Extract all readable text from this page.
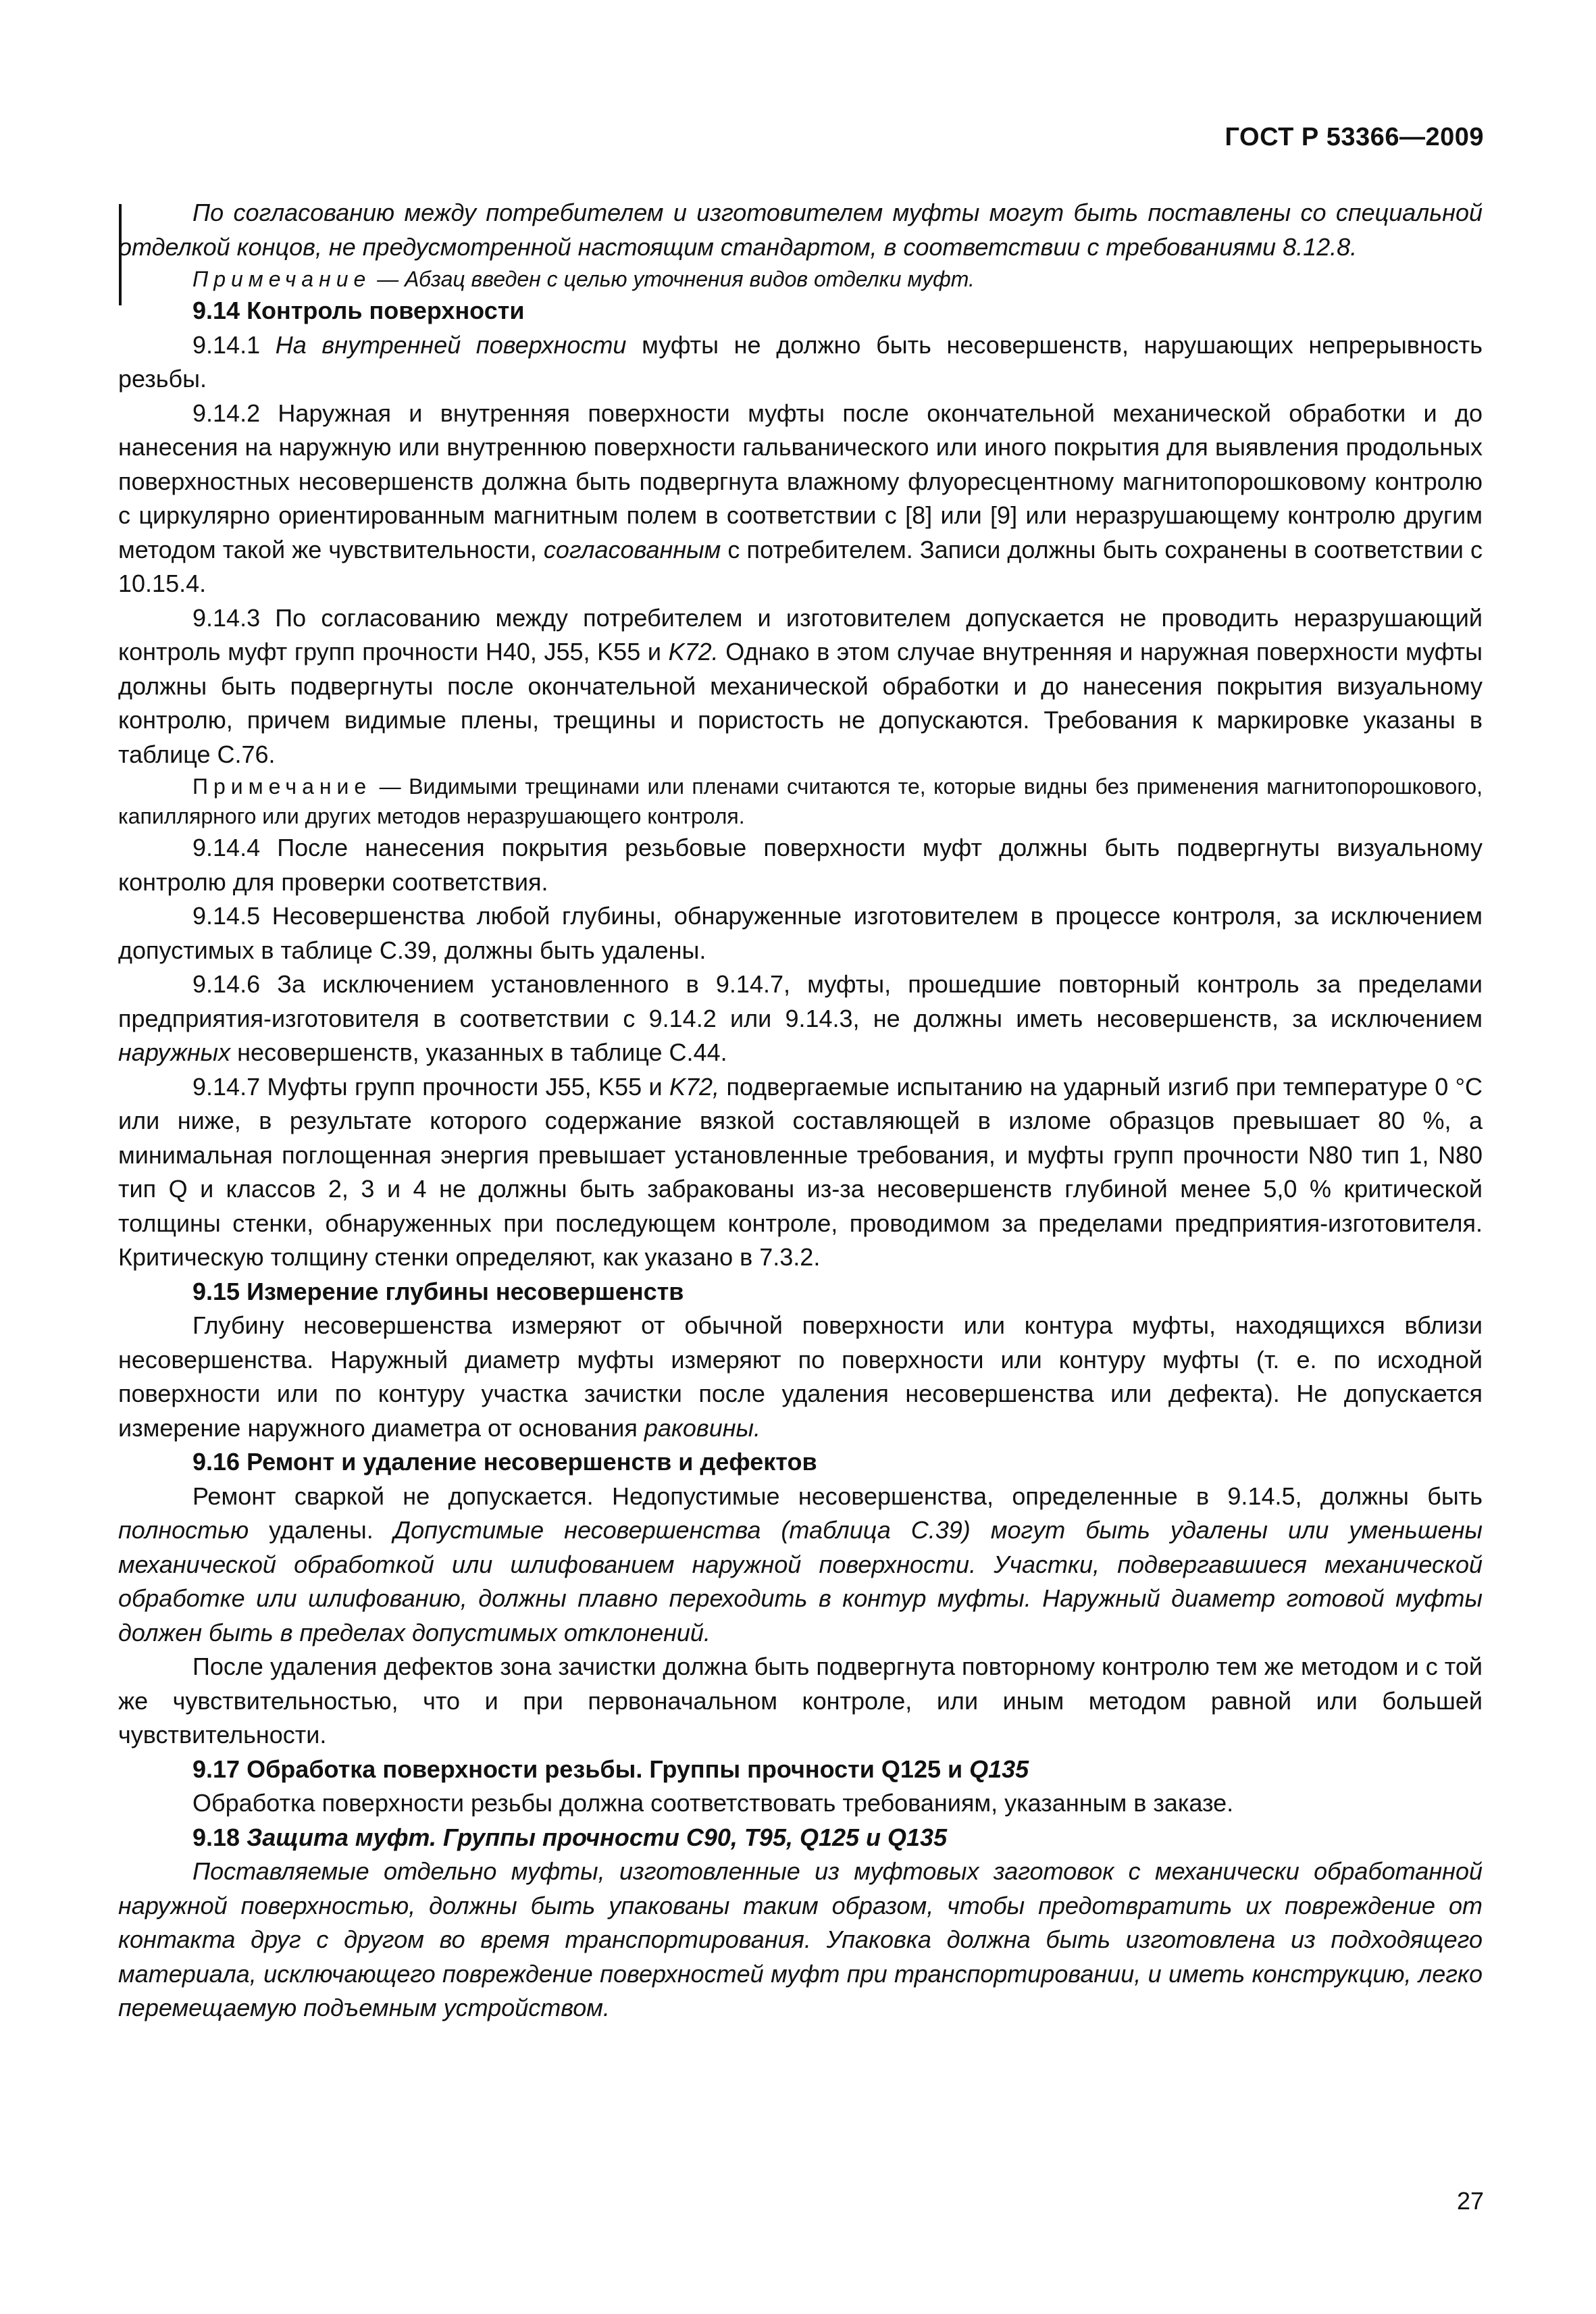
ГОСТ Р 53366—2009

По согласованию между потребителем и изготовителем муфты могут быть поставлены со специальной отделкой концов, не предусмотренной настоящим стандартом, в соответствии с требованиями 8.12.8.

Примечание — Абзац введен с целью уточнения видов отделки муфт.

9.14 Контроль поверхности

9.14.1 На внутренней поверхности муфты не должно быть несовершенств, нарушающих непрерывность резьбы.

9.14.2 Наружная и внутренняя поверхности муфты после окончательной механической обработки и до нанесения на наружную или внутреннюю поверхности гальванического или иного покрытия для выявления продольных поверхностных несовершенств должна быть подвергнута влажному флуоресцентному магнитопорошковому контролю с циркулярно ориентированным магнитным полем в соответствии с [8] или [9] или неразрушающему контролю другим методом такой же чувствительности, согласованным с потребителем. Записи должны быть сохранены в соответствии с 10.15.4.

9.14.3 По согласованию между потребителем и изготовителем допускается не проводить неразрушающий контроль муфт групп прочности Н40, J55, K55 и K72. Однако в этом случае внутренняя и наружная поверхности муфты должны быть подвергнуты после окончательной механической обработки и до нанесения покрытия визуальному контролю, причем видимые плены, трещины и пористость не допускаются. Требования к маркировке указаны в таблице С.76.

Примечание — Видимыми трещинами или пленами считаются те, которые видны без применения магнитопорошкового, капиллярного или других методов неразрушающего контроля.

9.14.4 После нанесения покрытия резьбовые поверхности муфт должны быть подвергнуты визуальному контролю для проверки соответствия.

9.14.5 Несовершенства любой глубины, обнаруженные изготовителем в процессе контроля, за исключением допустимых в таблице С.39, должны быть удалены.

9.14.6 За исключением установленного в 9.14.7, муфты, прошедшие повторный контроль за пределами предприятия-изготовителя в соответствии с 9.14.2 или 9.14.3, не должны иметь несовершенств, за исключением наружных несовершенств, указанных в таблице С.44.

9.14.7 Муфты групп прочности J55, K55 и K72, подвергаемые испытанию на ударный изгиб при температуре 0 °С или ниже, в результате которого содержание вязкой составляющей в изломе образцов превышает 80 %, а минимальная поглощенная энергия превышает установленные требования, и муфты групп прочности N80 тип 1, N80 тип Q и классов 2, 3 и 4 не должны быть забракованы из-за несовершенств глубиной менее 5,0 % критической толщины стенки, обнаруженных при последующем контроле, проводимом за пределами предприятия-изготовителя. Критическую толщину стенки определяют, как указано в 7.3.2.

9.15 Измерение глубины несовершенств

Глубину несовершенства измеряют от обычной поверхности или контура муфты, находящихся вблизи несовершенства. Наружный диаметр муфты измеряют по поверхности или контуру муфты (т. е. по исходной поверхности или по контуру участка зачистки после удаления несовершенства или дефекта). Не допускается измерение наружного диаметра от основания раковины.

9.16 Ремонт и удаление несовершенств и дефектов

Ремонт сваркой не допускается. Недопустимые несовершенства, определенные в 9.14.5, должны быть полностью удалены. Допустимые несовершенства (таблица С.39) могут быть удалены или уменьшены механической обработкой или шлифованием наружной поверхности. Участки, подвергавшиеся механической обработке или шлифованию, должны плавно переходить в контур муфты. Наружный диаметр готовой муфты должен быть в пределах допустимых отклонений.

После удаления дефектов зона зачистки должна быть подвергнута повторному контролю тем же методом и с той же чувствительностью, что и при первоначальном контроле, или иным методом равной или большей чувствительности.

9.17 Обработка поверхности резьбы. Группы прочности Q125 и Q135

Обработка поверхности резьбы должна соответствовать требованиям, указанным в заказе.

9.18 Защита муфт. Группы прочности С90, Т95, Q125 и Q135

Поставляемые отдельно муфты, изготовленные из муфтовых заготовок с механически обработанной наружной поверхностью, должны быть упакованы таким образом, чтобы предотвратить их повреждение от контакта друг с другом во время транспортирования. Упаковка должна быть изготовлена из подходящего материала, исключающего повреждение поверхностей муфт при транспортировании, и иметь конструкцию, легко перемещаемую подъемным устройством.

27
